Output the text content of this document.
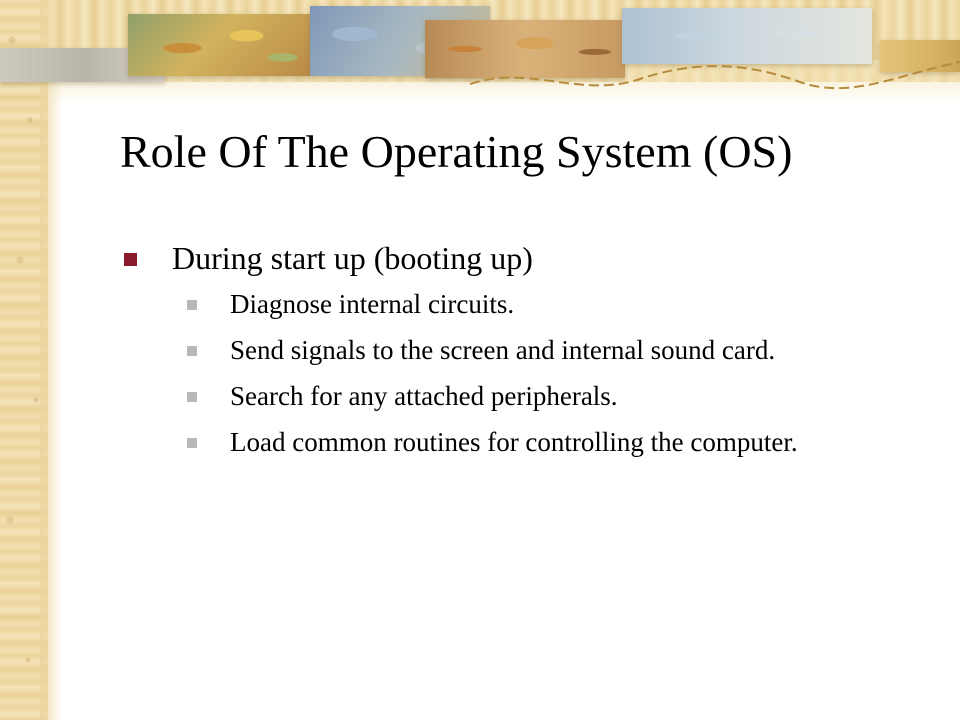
Role Of The Operating System (OS)
During start up (booting up)
Diagnose internal circuits.
Send signals to the screen and internal sound card.
Search for any attached peripherals.
Load common routines for controlling the computer.
